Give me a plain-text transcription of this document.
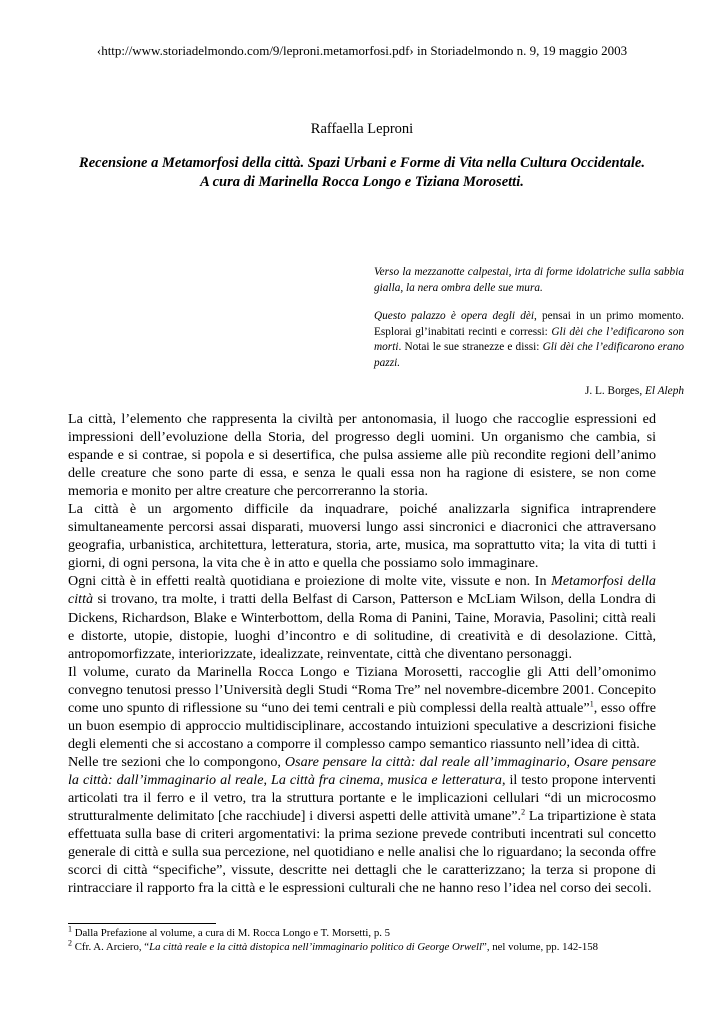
‹http://www.storiadelmondo.com/9/leproni.metamorfosi.pdf› in Storiadelmondo n. 9, 19 maggio 2003
Raffaella Leproni
Recensione a Metamorfosi della città. Spazi Urbani e Forme di Vita nella Cultura Occidentale.
A cura di Marinella Rocca Longo e Tiziana Morosetti.

Verso la mezzanotte calpestai, irta di forme idolatriche sulla sabbia gialla, la nera ombra delle sue mura.

Questo palazzo è opera degli dèi, pensai in un primo momento. Esplorai gl’inabitati recinti e corressi: Gli dèi che l’edificarono son morti. Notai le sue stranezze e dissi: Gli dèi che l’edificarono erano pazzi.

J. L. Borges, El Aleph

La città, l’elemento che rappresenta la civiltà per antonomasia, il luogo che raccoglie espressioni ed impressioni dell’evoluzione della Storia, del progresso degli uomini. Un organismo che cambia, si espande e si contrae, si popola e si desertifica, che pulsa assieme alle più recondite regioni dell’animo delle creature che sono parte di essa, e senza le quali essa non ha ragione di esistere, se non come memoria e monito per altre creature che percorreranno la storia.

La città è un argomento difficile da inquadrare, poiché analizzarla significa intraprendere simultaneamente percorsi assai disparati, muoversi lungo assi sincronici e diacronici che attraversano geografia, urbanistica, architettura, letteratura, storia, arte, musica, ma soprattutto vita; la vita di tutti i giorni, di ogni persona, la vita che è in atto e quella che possiamo solo immaginare.

Ogni città è in effetti realtà quotidiana e proiezione di molte vite, vissute e non. In Metamorfosi della città si trovano, tra molte, i tratti della Belfast di Carson, Patterson e McLiam Wilson, della Londra di Dickens, Richardson, Blake e Winterbottom, della Roma di Panini, Taine, Moravia, Pasolini; città reali e distorte, utopie, distopie, luoghi d’incontro e di solitudine, di creatività e di desolazione. Città, antropomorfizzate, interiorizzate, idealizzate, reinventate, città che diventano personaggi.

Il volume, curato da Marinella Rocca Longo e Tiziana Morosetti, raccoglie gli Atti dell’omonimo convegno tenutosi presso l’Università degli Studi “Roma Tre” nel novembre-dicembre 2001. Concepito come uno spunto di riflessione su “uno dei temi centrali e più complessi della realtà attuale”$^1$, esso offre un buon esempio di approccio multidisciplinare, accostando intuizioni speculative a descrizioni fisiche degli elementi che si accostano a comporre il complesso campo semantico riassunto nell’idea di città.

Nelle tre sezioni che lo compongono, Osare pensare la città: dal reale all’immaginario, Osare pensare la città: dall’immaginario al reale, La città fra cinema, musica e letteratura, il testo propone interventi articolati tra il ferro e il vetro, tra la struttura portante e le implicazioni cellulari “di un microcosmo strutturalmente delimitato [che racchiude] i diversi aspetti delle attività umane”.$^2$ La tripartizione è stata effettuata sulla base di criteri argomentativi: la prima sezione prevede contributi incentrati sul concetto generale di città e sulla sua percezione, nel quotidiano e nelle analisi che lo riguardano; la seconda offre scorci di città “specifiche”, vissute, descritte nei dettagli che le caratterizzano; la terza si propone di rintracciare il rapporto fra la città e le espressioni culturali che ne hanno reso l’idea nel corso dei secoli.

$^1$ Dalla Prefazione al volume, a cura di M. Rocca Longo e T. Morsetti, p. 5
$^2$ Cfr. A. Arciero, “La città reale e la città distopica nell’immaginario politico di George Orwell”, nel volume, pp. 142-158
